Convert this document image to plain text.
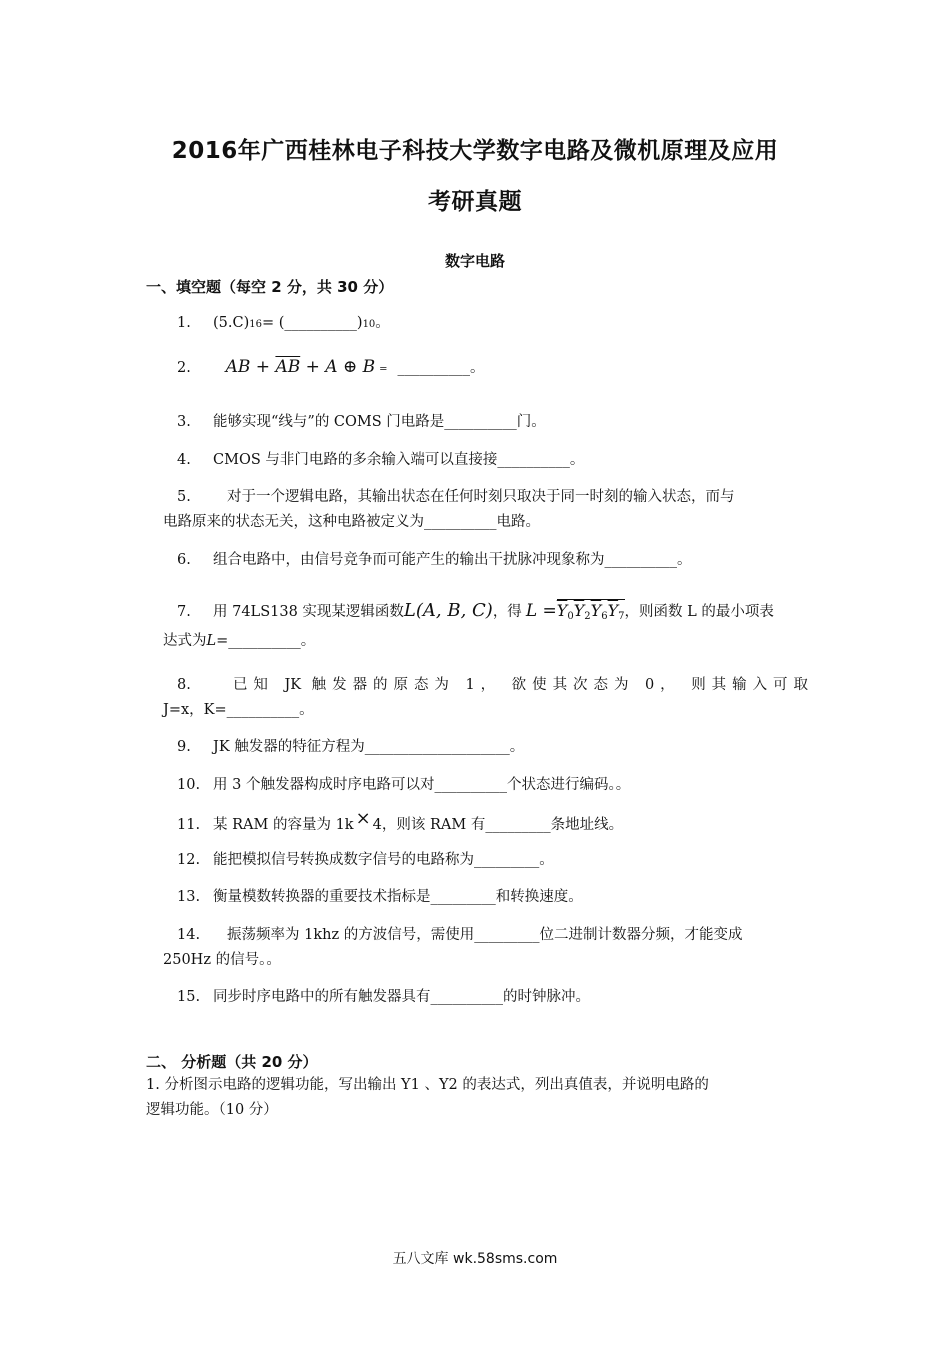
2016年广西桂林电子科技大学数字电路及微机原理及应用
考研真题
数字电路
一、填空题（每空 2 分，共 30 分）
1. (5.C)16= (__________)10。
2. AB + $\overline{AB} + A$ ⊕ B = __________。
3. 能够实现“线与”的 COMS 门电路是__________门。
4. CMOS 与非门电路的多余输入端可以直接接__________。
5. 对于一个逻辑电路，其输出状态在任何时刻只取决于同一时刻的输入状态，而与
电路原来的状态无关，这种电路被定义为__________电路。
6. 组合电路中，由信号竞争而可能产生的输出干扰脉冲现象称为__________。
7. 用 74LS138 实现某逻辑函数L(A, B, C)，得 $L =\overline{Y}_0\overline{Y}_2\overline{Y}_6\overline{Y}_7$，则函数 L 的最小项表
达式为L=__________。
8. 已知 JK 触发器的原态为 1， 欲使其次态为 0， 则其输入可取
J=x，K=__________。
9. JK 触发器的特征方程为____________________。
10. 用 3 个触发器构成时序电路可以对__________个状态进行编码。。
11. 某 RAM 的容量为 1k × 4，则该 RAM 有_________条地址线。
12. 能把模拟信号转换成数字信号的电路称为_________。
13. 衡量模数转换器的重要技术指标是_________和转换速度。
14. 振荡频率为 1khz 的方波信号，需使用_________位二进制计数器分频，才能变成
250Hz 的信号。。
15. 同步时序电路中的所有触发器具有__________的时钟脉冲。
二、 分析题（共 20 分）
1. 分析图示电路的逻辑功能，写出输出 Y1 、Y2 的表达式，列出真值表，并说明电路的
逻辑功能。（10 分）
五八文库 wk.58sms.com
